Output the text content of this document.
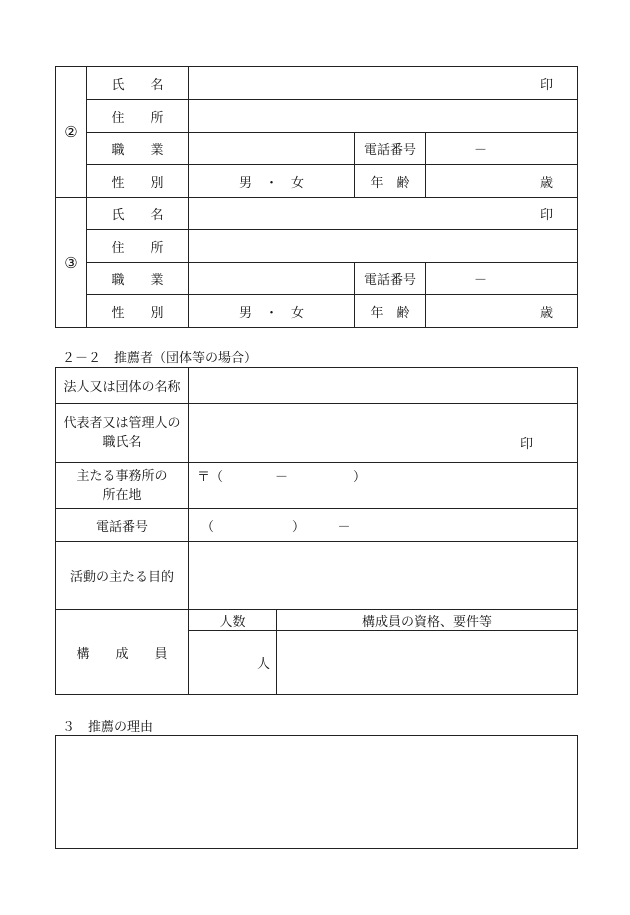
②	氏　　名	印		
	住　　所			
	職　　業		電話番号	－
	性　　別	男　・　女	年　齢	歳
③	氏　　名	印		
	住　　所			
	職　　業		電話番号	－
	性　　別	男　・　女	年　齢	歳
２－２　推薦者（団体等の場合）
法人又は団体の名称		

代表者又は管理人の
職氏名	印	

主たる事務所の
所在地	〒（　　　　－　　　　　）	
電話番号	（　　　　　　）　　　－	
活動の主たる目的		
構　　成　　員	人数	構成員の資格、要件等
	人	
３　推薦の理由
